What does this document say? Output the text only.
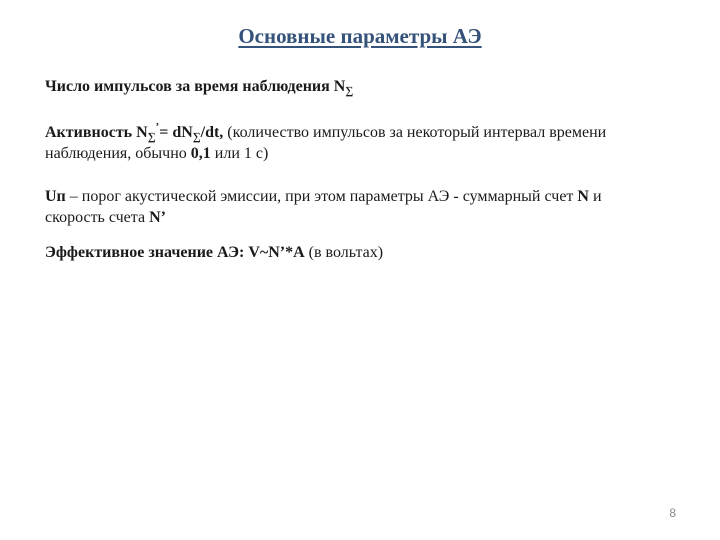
Основные параметры АЭ
Число импульсов за время наблюдения $N_\sum$
Активность $N_\sum^’= dN_\sum/dt$, (количество импульсов за некоторый интервал времени наблюдения, обычно 0,1 или 1 с)
Uп – порог акустической эмиссии, при этом параметры АЭ - суммарный счет N и скорость счета N’
Эффективное значение АЭ: V~N’*A (в вольтах)
8
